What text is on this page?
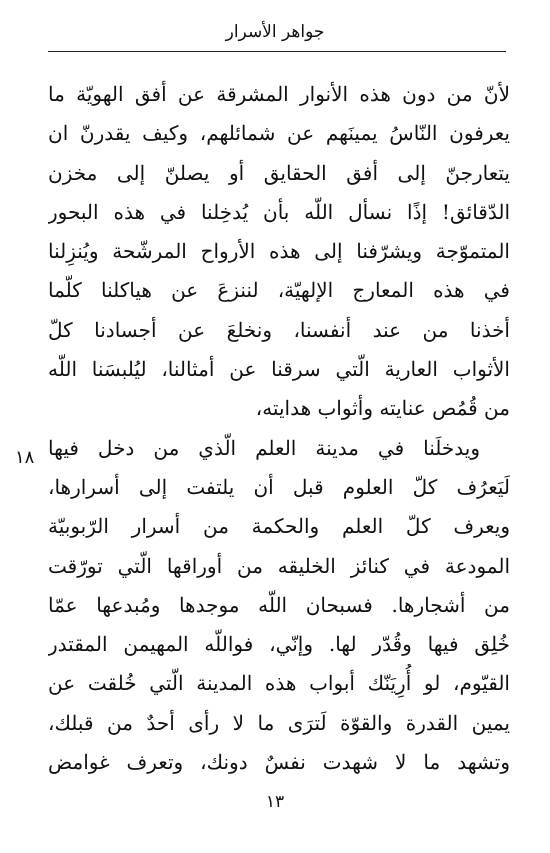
جواهر الأسرار
١٨
لأنّ من دون هذه الأنوار المشرقة عن أفق الهويّة ما
يعرفون النّاسُ يمينَهم عن شمائلهم، وكيف يقدرنّ ان
يتعارجنّ إلى أفق الحقايق أو يصلنّ إلى مخزن
الدّقائق! إذًا نسأل اللّه بأن يُدخِلنا في هذه البحور
المتموّجة ويشرّفنا إلى هذه الأرواح المرشّحة ويُنزِلنا
في هذه المعارج الإلهيّة، لننزعَ عن هياكلنا كلّما
أخذنا من عند أنفسنا، ونخلعَ عن أجسادنا كلّ
الأثواب العارية الّتي سرقنا عن أمثالنا، ليُلبسَنا اللّه
من قُمُص عنايته وأثواب هدايته،
ويدخلَنا في مدينة العلم الّذي من دخل فيها
لَيَعرُف كلّ العلوم قبل أن يلتفت إلى أسرارها،
ويعرف كلّ العلم والحكمة من أسرار الرّبوبيّة
المودعة في كنائز الخليقه من أوراقها الّتي تورّقت
من أشجارها. فسبحان اللّه موجدها ومُبدعها عمّا
خُلِق فيها وقُدّر لها. وإنّي، فواللّه المهيمن المقتدر
القيّوم، لو أُرِيَنّك أبواب هذه المدينة الّتي خُلقت عن
يمين القدرة والقوّة لَترَى ما لا رأى أحدٌ من قبلك،
وتشهد ما لا شهدت نفسٌ دونك، وتعرف غوامض
١٣
